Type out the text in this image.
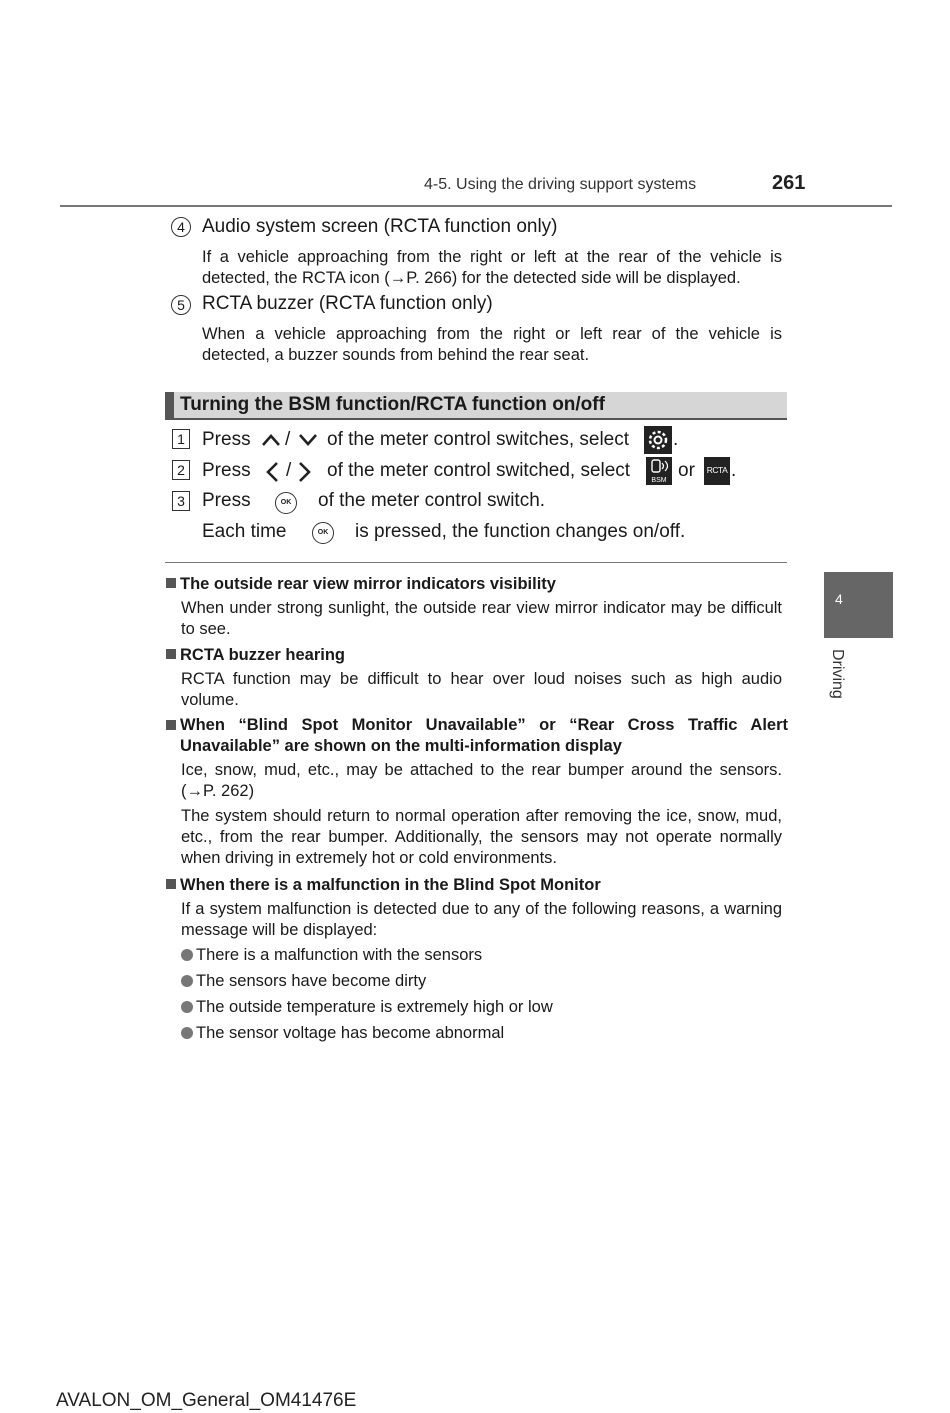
4-5. Using the driving support systems	261
4 Audio system screen (RCTA function only)
If a vehicle approaching from the right or left at the rear of the vehicle is detected, the RCTA icon (→P. 266) for the detected side will be displayed.
5 RCTA buzzer (RCTA function only)
When a vehicle approaching from the right or left rear of the vehicle is detected, a buzzer sounds from behind the rear seat.
Turning the BSM function/RCTA function on/off
1 Press / of the meter control switches, select .
2 Press / of the meter control switched, select	BSM or	RCTA .
3 Press	OK	of the meter control switch.
Each time	OK	is pressed, the function changes on/off.
The outside rear view mirror indicators visibility
When under strong sunlight, the outside rear view mirror indicator may be difficult to see.
RCTA buzzer hearing
RCTA function may be difficult to hear over loud noises such as high audio volume.
When “Blind Spot Monitor Unavailable” or “Rear Cross Traffic Alert Unavailable” are shown on the multi-information display
Ice, snow, mud, etc., may be attached to the rear bumper around the sensors. (→P. 262)
The system should return to normal operation after removing the ice, snow, mud, etc., from the rear bumper. Additionally, the sensors may not operate normally when driving in extremely hot or cold environments.
When there is a malfunction in the Blind Spot Monitor
If a system malfunction is detected due to any of the following reasons, a warning message will be displayed:
There is a malfunction with the sensors
The sensors have become dirty
The outside temperature is extremely high or low
The sensor voltage has become abnormal
4
Driving
AVALON_OM_General_OM41476E
